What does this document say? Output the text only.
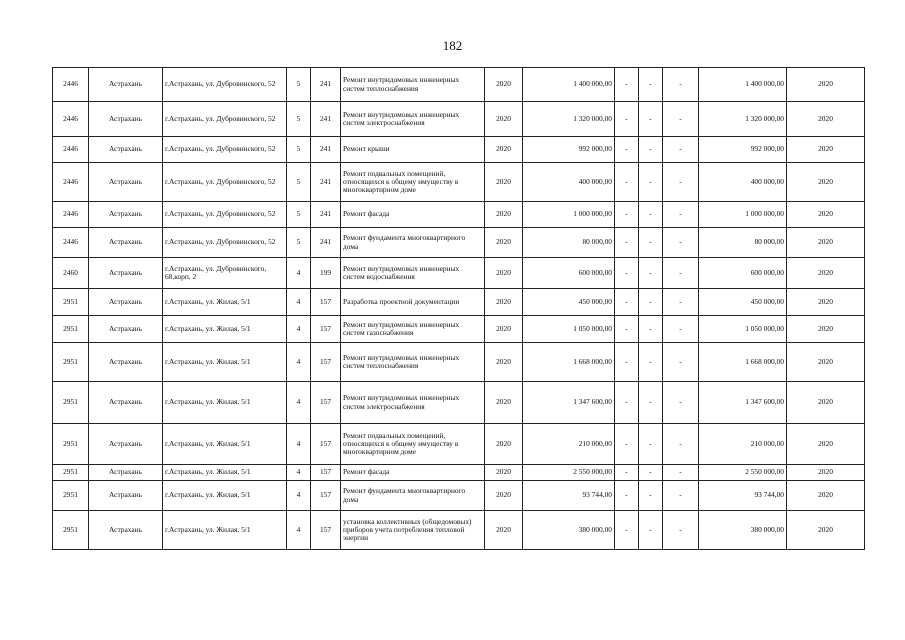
182
2446	Астрахань	г.Астрахань, ул. Дубровинского, 52	5	241	Ремонт внутридомовых инженерных систем теплоснабжения	2020	1 400 000,00	-	-	-	1 400 000,00	2020
2446	Астрахань	г.Астрахань, ул. Дубровинского, 52	5	241	Ремонт внутридомовых инженерных систем электроснабжения	2020	1 320 000,00	-	-	-	1 320 000,00	2020
2446	Астрахань	г.Астрахань, ул. Дубровинского, 52	5	241	Ремонт крыши	2020	992 000,00	-	-	-	992 000,00	2020
2446	Астрахань	г.Астрахань, ул. Дубровинского, 52	5	241	Ремонт подвальных помещений, относящихся к общему имуществу в многоквартирном доме	2020	400 000,00	-	-	-	400 000,00	2020
2446	Астрахань	г.Астрахань, ул. Дубровинского, 52	5	241	Ремонт фасада	2020	1 000 000,00	-	-	-	1 000 000,00	2020
2446	Астрахань	г.Астрахань, ул. Дубровинского, 52	5	241	Ремонт фундамента многоквартирного дома	2020	80 000,00	-	-	-	80 000,00	2020
2460	Астрахань	г.Астрахань, ул. Дубровинского, 68,корп. 2	4	199	Ремонт внутридомовых инженерных систем водоснабжения	2020	600 000,00	-	-	-	600 000,00	2020
2951	Астрахань	г.Астрахань, ул. Жилая, 5/1	4	157	Разработка проектной документации	2020	450 000,00	-	-	-	450 000,00	2020
2951	Астрахань	г.Астрахань, ул. Жилая, 5/1	4	157	Ремонт внутридомовых инженерных систем газоснабжения	2020	1 050 000,00	-	-	-	1 050 000,00	2020
2951	Астрахань	г.Астрахань, ул. Жилая, 5/1	4	157	Ремонт внутридомовых инженерных систем теплоснабжения	2020	1 668 000,00	-	-	-	1 668 000,00	2020
2951	Астрахань	г.Астрахань, ул. Жилая, 5/1	4	157	Ремонт внутридомовых инженерных систем электроснабжения	2020	1 347 600,00	-	-	-	1 347 600,00	2020
2951	Астрахань	г.Астрахань, ул. Жилая, 5/1	4	157	Ремонт подвальных помещений, относящихся к общему имуществу в многоквартирном доме	2020	210 000,00	-	-	-	210 000,00	2020
2951	Астрахань	г.Астрахань, ул. Жилая, 5/1	4	157	Ремонт фасада	2020	2 550 000,00	-	-	-	2 550 000,00	2020
2951	Астрахань	г.Астрахань, ул. Жилая, 5/1	4	157	Ремонт фундамента многоквартирного дома	2020	93 744,00	-	-	-	93 744,00	2020
2951	Астрахань	г.Астрахань, ул. Жилая, 5/1	4	157	установка коллективных (общедомовых) приборов учета потребления тепловой энергии	2020	380 000,00	-	-	-	380 000,00	2020
